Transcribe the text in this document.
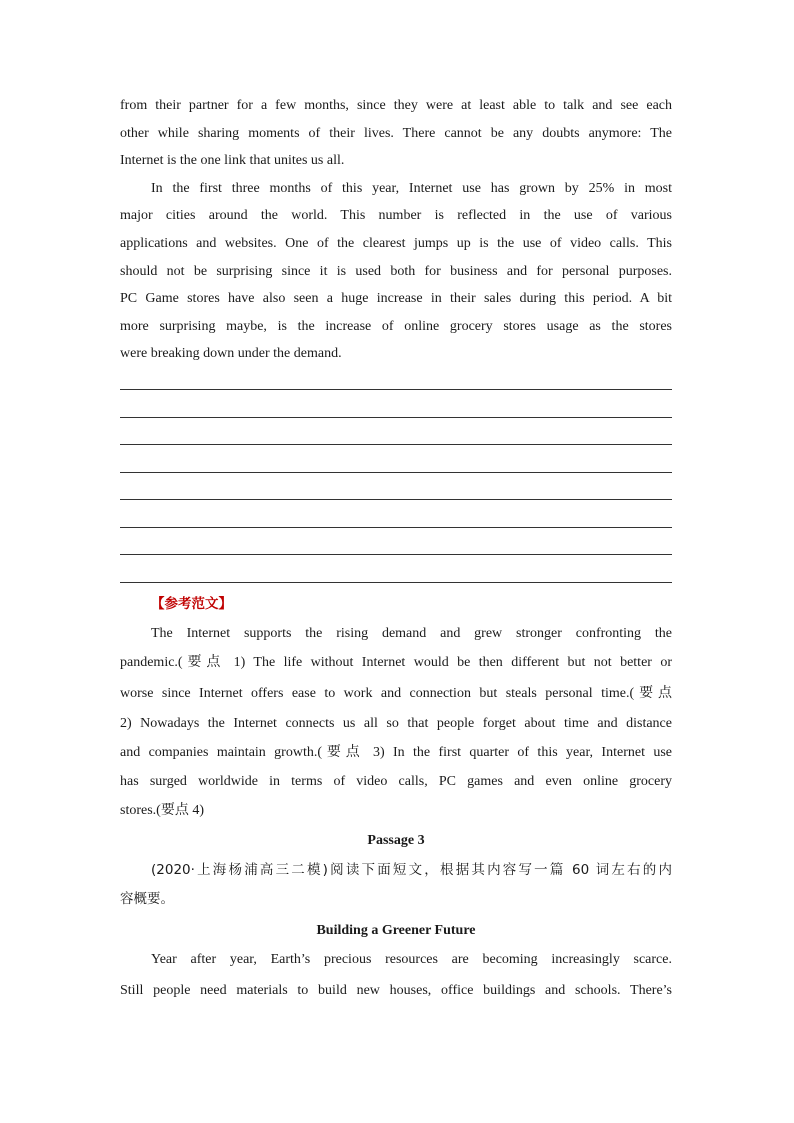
from their partner for a few months, since they were at least able to talk and see each
other while sharing moments of their lives. There cannot be any doubts anymore: The
Internet is the one link that unites us all.
In the first three months of this year, Internet use has grown by 25% in most
major cities around the world. This number is reflected in the use of various
applications and websites. One of the clearest jumps up is the use of video calls. This
should not be surprising since it is used both for business and for personal purposes.
PC Game stores have also seen a huge increase in their sales during this period. A bit
more surprising maybe, is the increase of online grocery stores usage as the stores
were breaking down under the demand.
【参考范文】
The Internet supports the rising demand and grew stronger confronting the
pandemic.(要点 1) The life without Internet would be then different but not better or
worse since Internet offers ease to work and connection but steals personal time.(要点
2) Nowadays the Internet connects us all so that people forget about time and distance
and companies maintain growth.(要点 3) In the first quarter of this year, Internet use
has surged worldwide in terms of video calls, PC games and even online grocery
stores.(要点 4)
Passage 3
(2020·上海杨浦高三二模)阅读下面短文，根据其内容写一篇 60 词左右的内
容概要。
Building a Greener Future
Year after year, Earth’s precious resources are becoming increasingly scarce.
Still people need materials to build new houses, office buildings and schools. There’s
